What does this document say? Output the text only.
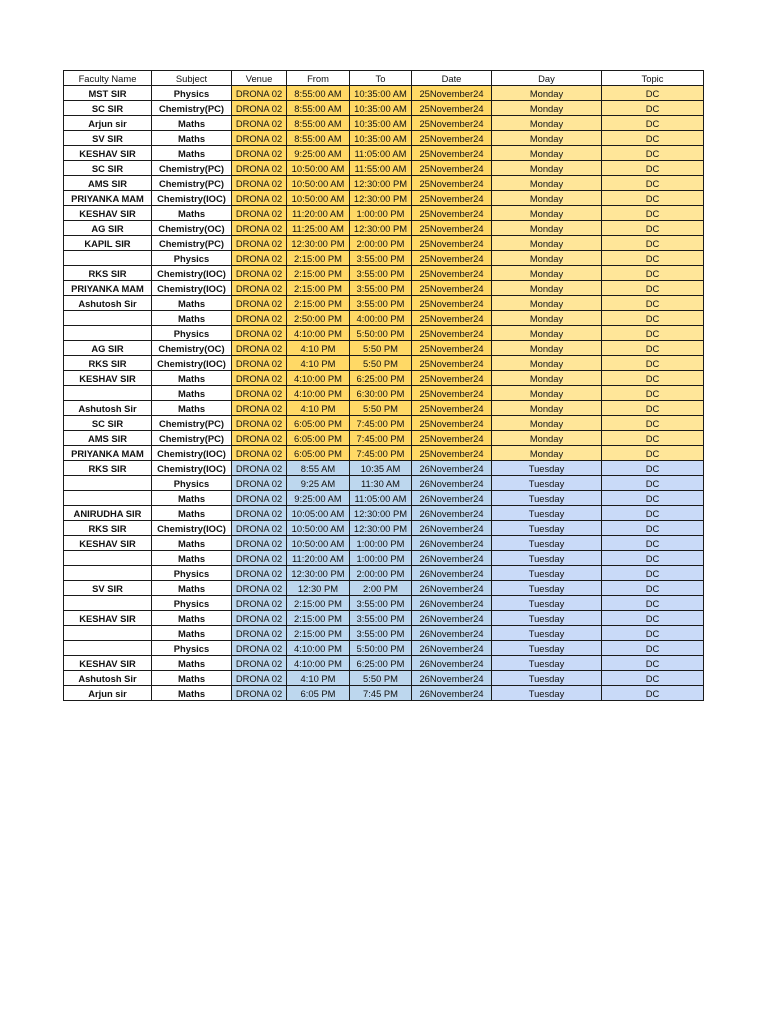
Faculty Name	Subject	Venue	From	To	Date	Day	Topic
MST SIR	Physics	DRONA 02	8:55:00 AM	10:35:00 AM	25November24	Monday	DC
SC SIR	Chemistry(PC)	DRONA 02	8:55:00 AM	10:35:00 AM	25November24	Monday	DC
Arjun sir	Maths	DRONA 02	8:55:00 AM	10:35:00 AM	25November24	Monday	DC
SV SIR	Maths	DRONA 02	8:55:00 AM	10:35:00 AM	25November24	Monday	DC
KESHAV SIR	Maths	DRONA 02	9:25:00 AM	11:05:00 AM	25November24	Monday	DC
SC SIR	Chemistry(PC)	DRONA 02	10:50:00 AM	11:55:00 AM	25November24	Monday	DC
AMS SIR	Chemistry(PC)	DRONA 02	10:50:00 AM	12:30:00 PM	25November24	Monday	DC
PRIYANKA MAM	Chemistry(IOC)	DRONA 02	10:50:00 AM	12:30:00 PM	25November24	Monday	DC
KESHAV SIR	Maths	DRONA 02	11:20:00 AM	1:00:00 PM	25November24	Monday	DC
AG SIR	Chemistry(OC)	DRONA 02	11:25:00 AM	12:30:00 PM	25November24	Monday	DC
KAPIL SIR	Chemistry(PC)	DRONA 02	12:30:00 PM	2:00:00 PM	25November24	Monday	DC
	Physics	DRONA 02	2:15:00 PM	3:55:00 PM	25November24	Monday	DC
RKS SIR	Chemistry(IOC)	DRONA 02	2:15:00 PM	3:55:00 PM	25November24	Monday	DC
PRIYANKA MAM	Chemistry(IOC)	DRONA 02	2:15:00 PM	3:55:00 PM	25November24	Monday	DC
Ashutosh Sir	Maths	DRONA 02	2:15:00 PM	3:55:00 PM	25November24	Monday	DC
	Maths	DRONA 02	2:50:00 PM	4:00:00 PM	25November24	Monday	DC
	Physics	DRONA 02	4:10:00 PM	5:50:00 PM	25November24	Monday	DC
AG SIR	Chemistry(OC)	DRONA 02	4:10 PM	5:50 PM	25November24	Monday	DC
RKS SIR	Chemistry(IOC)	DRONA 02	4:10 PM	5:50 PM	25November24	Monday	DC
KESHAV SIR	Maths	DRONA 02	4:10:00 PM	6:25:00 PM	25November24	Monday	DC
	Maths	DRONA 02	4:10:00 PM	6:30:00 PM	25November24	Monday	DC
Ashutosh Sir	Maths	DRONA 02	4:10 PM	5:50 PM	25November24	Monday	DC
SC SIR	Chemistry(PC)	DRONA 02	6:05:00 PM	7:45:00 PM	25November24	Monday	DC
AMS SIR	Chemistry(PC)	DRONA 02	6:05:00 PM	7:45:00 PM	25November24	Monday	DC
PRIYANKA MAM	Chemistry(IOC)	DRONA 02	6:05:00 PM	7:45:00 PM	25November24	Monday	DC
RKS SIR	Chemistry(IOC)	DRONA 02	8:55 AM	10:35 AM	26November24	Tuesday	DC
	Physics	DRONA 02	9:25 AM	11:30 AM	26November24	Tuesday	DC
	Maths	DRONA 02	9:25:00 AM	11:05:00 AM	26November24	Tuesday	DC
ANIRUDHA SIR	Maths	DRONA 02	10:05:00 AM	12:30:00 PM	26November24	Tuesday	DC
RKS SIR	Chemistry(IOC)	DRONA 02	10:50:00 AM	12:30:00 PM	26November24	Tuesday	DC
KESHAV SIR	Maths	DRONA 02	10:50:00 AM	1:00:00 PM	26November24	Tuesday	DC
	Maths	DRONA 02	11:20:00 AM	1:00:00 PM	26November24	Tuesday	DC
	Physics	DRONA 02	12:30:00 PM	2:00:00 PM	26November24	Tuesday	DC
SV SIR	Maths	DRONA 02	12:30 PM	2:00 PM	26November24	Tuesday	DC
	Physics	DRONA 02	2:15:00 PM	3:55:00 PM	26November24	Tuesday	DC
KESHAV SIR	Maths	DRONA 02	2:15:00 PM	3:55:00 PM	26November24	Tuesday	DC
	Maths	DRONA 02	2:15:00 PM	3:55:00 PM	26November24	Tuesday	DC
	Physics	DRONA 02	4:10:00 PM	5:50:00 PM	26November24	Tuesday	DC
KESHAV SIR	Maths	DRONA 02	4:10:00 PM	6:25:00 PM	26November24	Tuesday	DC
Ashutosh Sir	Maths	DRONA 02	4:10 PM	5:50 PM	26November24	Tuesday	DC
Arjun sir	Maths	DRONA 02	6:05 PM	7:45 PM	26November24	Tuesday	DC
